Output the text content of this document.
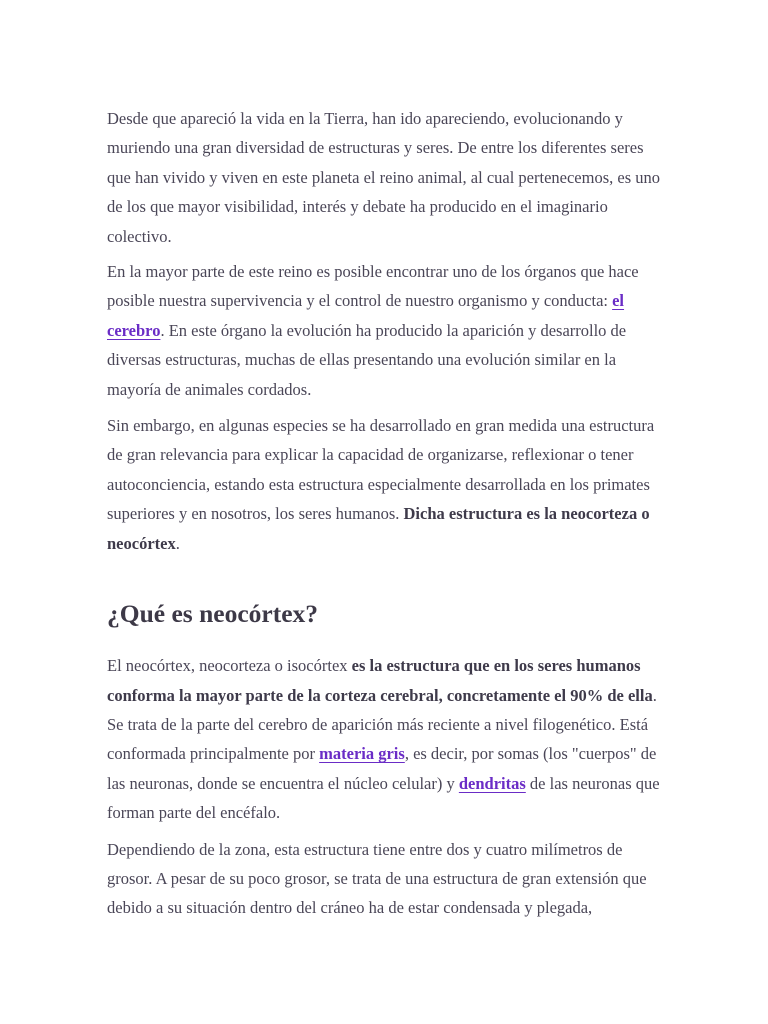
Desde que apareció la vida en la Tierra, han ido apareciendo, evolucionando y muriendo una gran diversidad de estructuras y seres. De entre los diferentes seres que han vivido y viven en este planeta el reino animal, al cual pertenecemos, es uno de los que mayor visibilidad, interés y debate ha producido en el imaginario colectivo.

En la mayor parte de este reino es posible encontrar uno de los órganos que hace posible nuestra supervivencia y el control de nuestro organismo y conducta: el cerebro. En este órgano la evolución ha producido la aparición y desarrollo de diversas estructuras, muchas de ellas presentando una evolución similar en la mayoría de animales cordados.

Sin embargo, en algunas especies se ha desarrollado en gran medida una estructura de gran relevancia para explicar la capacidad de organizarse, reflexionar o tener autoconciencia, estando esta estructura especialmente desarrollada en los primates superiores y en nosotros, los seres humanos. Dicha estructura es la neocorteza o neocórtex.

¿Qué es neocórtex?

El neocórtex, neocorteza o isocórtex es la estructura que en los seres humanos conforma la mayor parte de la corteza cerebral, concretamente el 90% de ella. Se trata de la parte del cerebro de aparición más reciente a nivel filogenético. Está conformada principalmente por materia gris, es decir, por somas (los "cuerpos" de las neuronas, donde se encuentra el núcleo celular) y dendritas de las neuronas que forman parte del encéfalo.

Dependiendo de la zona, esta estructura tiene entre dos y cuatro milímetros de grosor. A pesar de su poco grosor, se trata de una estructura de gran extensión que debido a su situación dentro del cráneo ha de estar condensada y plegada,
